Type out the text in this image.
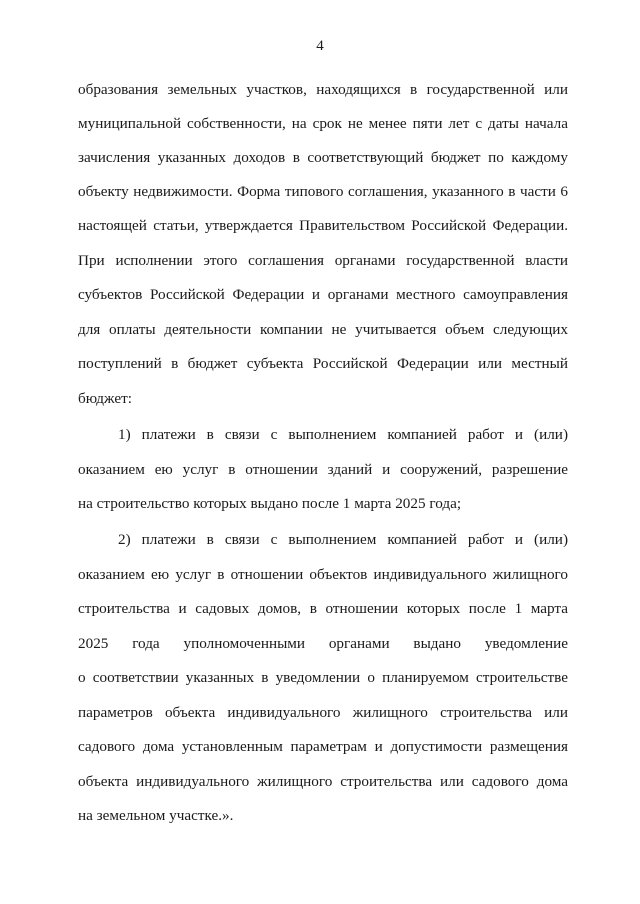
4
образования земельных участков, находящихся в государственной или
муниципальной собственности, на срок не менее пяти лет с даты начала
зачисления указанных доходов в соответствующий бюджет по каждому
объекту недвижимости. Форма типового соглашения, указанного в части 6
настоящей статьи, утверждается Правительством Российской Федерации.
При исполнении этого соглашения органами государственной власти
субъектов Российской Федерации и органами местного самоуправления
для оплаты деятельности компании не учитывается объем следующих
поступлений в бюджет субъекта Российской Федерации или местный
бюджет:
1) платежи в связи с выполнением компанией работ и (или)
оказанием ею услуг в отношении зданий и сооружений, разрешение
на строительство которых выдано после 1 марта 2025 года;
2) платежи в связи с выполнением компанией работ и (или)
оказанием ею услуг в отношении объектов индивидуального жилищного
строительства и садовых домов, в отношении которых после 1 марта
2025 года уполномоченными органами выдано уведомление
о соответствии указанных в уведомлении о планируемом строительстве
параметров объекта индивидуального жилищного строительства или
садового дома установленным параметрам и допустимости размещения
объекта индивидуального жилищного строительства или садового дома
на земельном участке.».
